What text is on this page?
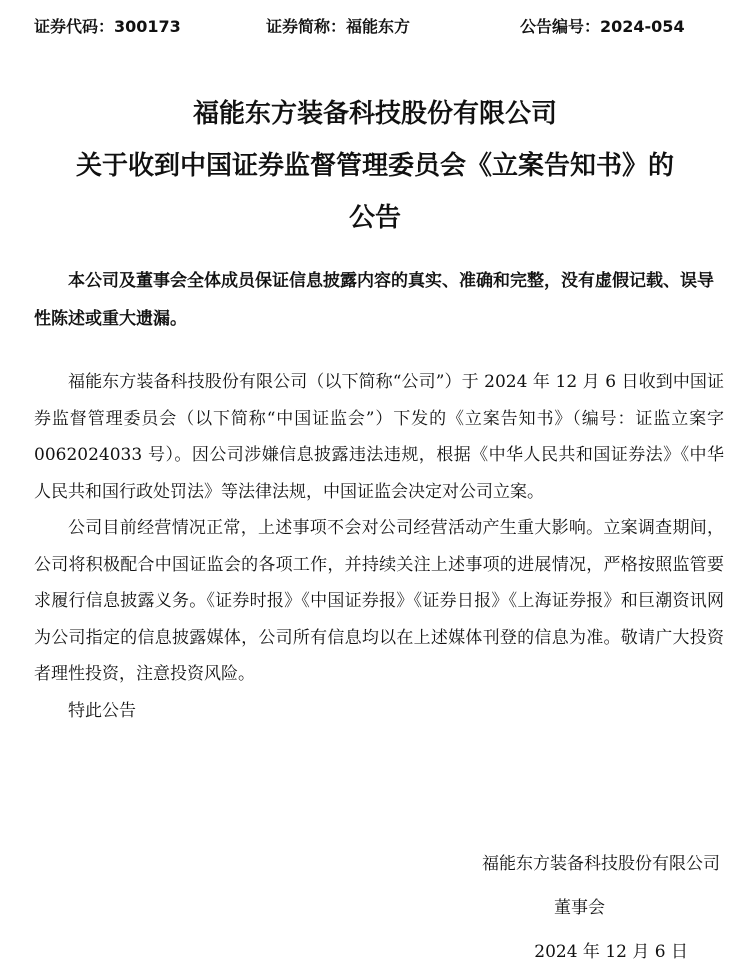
证券代码：300173	证券简称：福能东方	公告编号：2024-054
福能东方装备科技股份有限公司
关于收到中国证券监督管理委员会《立案告知书》的
公告
本公司及董事会全体成员保证信息披露内容的真实、准确和完整，没有虚假记载、误导性陈述或重大遗漏。

福能东方装备科技股份有限公司（以下简称“公司”）于 2024 年 12 月 6 日收到中国证券监督管理委员会（以下简称“中国证监会”）下发的《立案告知书》（编号：证监立案字 0062024033 号）。因公司涉嫌信息披露违法违规，根据《中华人民共和国证券法》《中华人民共和国行政处罚法》等法律法规，中国证监会决定对公司立案。

公司目前经营情况正常，上述事项不会对公司经营活动产生重大影响。立案调查期间，公司将积极配合中国证监会的各项工作，并持续关注上述事项的进展情况，严格按照监管要求履行信息披露义务。《证券时报》《中国证券报》《证券日报》《上海证券报》和巨潮资讯网为公司指定的信息披露媒体，公司所有信息均以在上述媒体刊登的信息为准。敬请广大投资者理性投资，注意投资风险。

特此公告

福能东方装备科技股份有限公司
董事会
2024 年 12 月 6 日
